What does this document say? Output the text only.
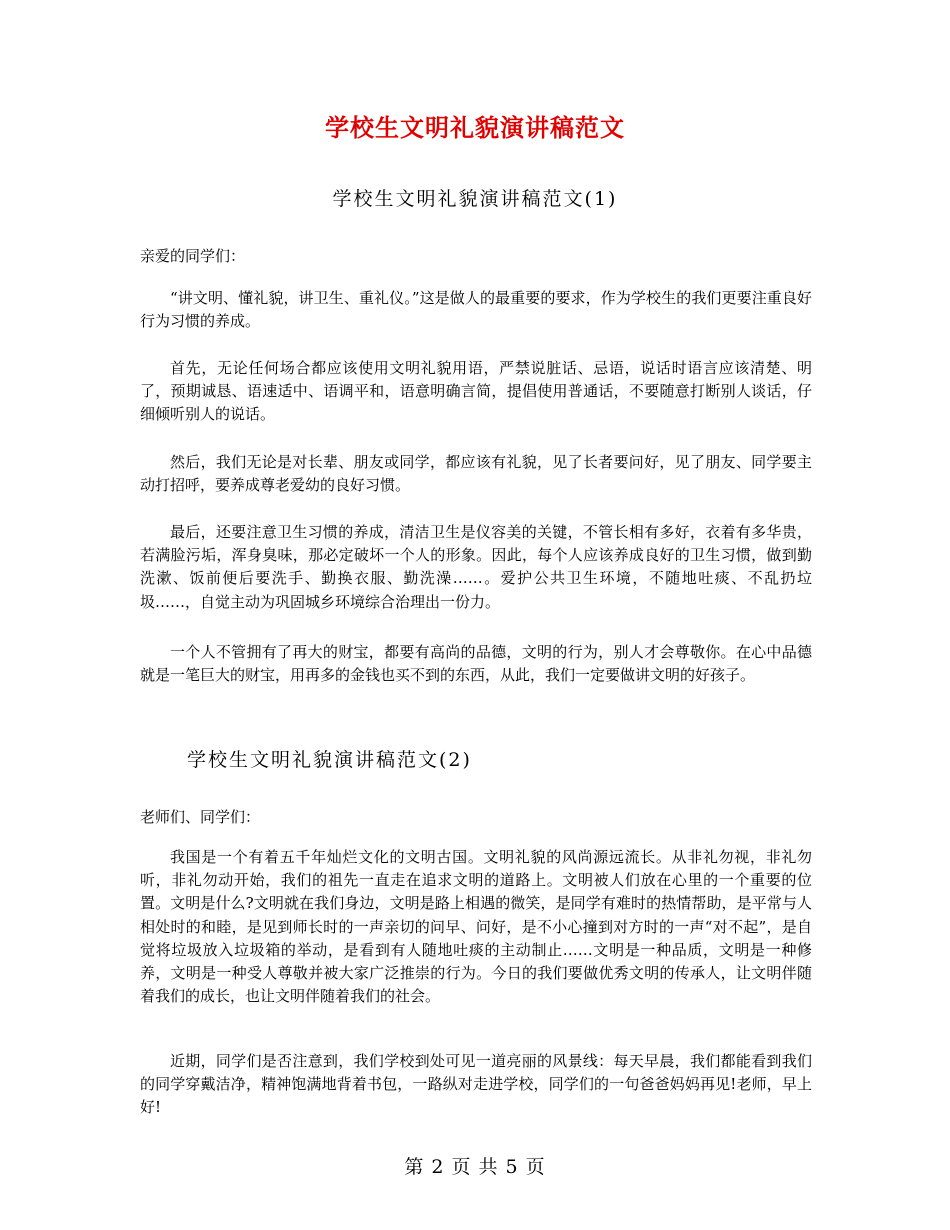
学校生文明礼貌演讲稿范文
学校生文明礼貌演讲稿范文(1)

亲爱的同学们：

“讲文明、懂礼貌，讲卫生、重礼仪。”这是做人的最重要的要求，作为学校生的我们更要注重良好行为习惯的养成。

首先，无论任何场合都应该使用文明礼貌用语，严禁说脏话、忌语，说话时语言应该清楚、明了，预期诚恳、语速适中、语调平和，语意明确言简，提倡使用普通话，不要随意打断别人谈话，仔细倾听别人的说话。

然后，我们无论是对长辈、朋友或同学，都应该有礼貌，见了长者要问好，见了朋友、同学要主动打招呼，要养成尊老爱幼的良好习惯。

最后，还要注意卫生习惯的养成，清洁卫生是仪容美的关键，不管长相有多好，衣着有多华贵，若满脸污垢，浑身臭味，那必定破坏一个人的形象。因此，每个人应该养成良好的卫生习惯，做到勤洗漱、饭前便后要洗手、勤换衣服、勤洗澡……。爱护公共卫生环境，不随地吐痰、不乱扔垃圾……，自觉主动为巩固城乡环境综合治理出一份力。

一个人不管拥有了再大的财宝，都要有高尚的品德，文明的行为，别人才会尊敬你。在心中品德就是一笔巨大的财宝，用再多的金钱也买不到的东西，从此，我们一定要做讲文明的好孩子。

学校生文明礼貌演讲稿范文(2)

老师们、同学们：

我国是一个有着五千年灿烂文化的文明古国。文明礼貌的风尚源远流长。从非礼勿视，非礼勿听，非礼勿动开始，我们的祖先一直走在追求文明的道路上。文明被人们放在心里的一个重要的位置。文明是什么?文明就在我们身边，文明是路上相遇的微笑，是同学有难时的热情帮助，是平常与人相处时的和睦，是见到师长时的一声亲切的问早、问好，是不小心撞到对方时的一声“对不起”，是自觉将垃圾放入垃圾箱的举动，是看到有人随地吐痰的主动制止……文明是一种品质，文明是一种修养，文明是一种受人尊敬并被大家广泛推崇的行为。今日的我们要做优秀文明的传承人，让文明伴随着我们的成长，也让文明伴随着我们的社会。

近期，同学们是否注意到，我们学校到处可见一道亮丽的风景线：每天早晨，我们都能看到我们的同学穿戴洁净，精神饱满地背着书包，一路纵对走进学校，同学们的一句爸爸妈妈再见!老师，早上好!

第 2 页 共 5 页
